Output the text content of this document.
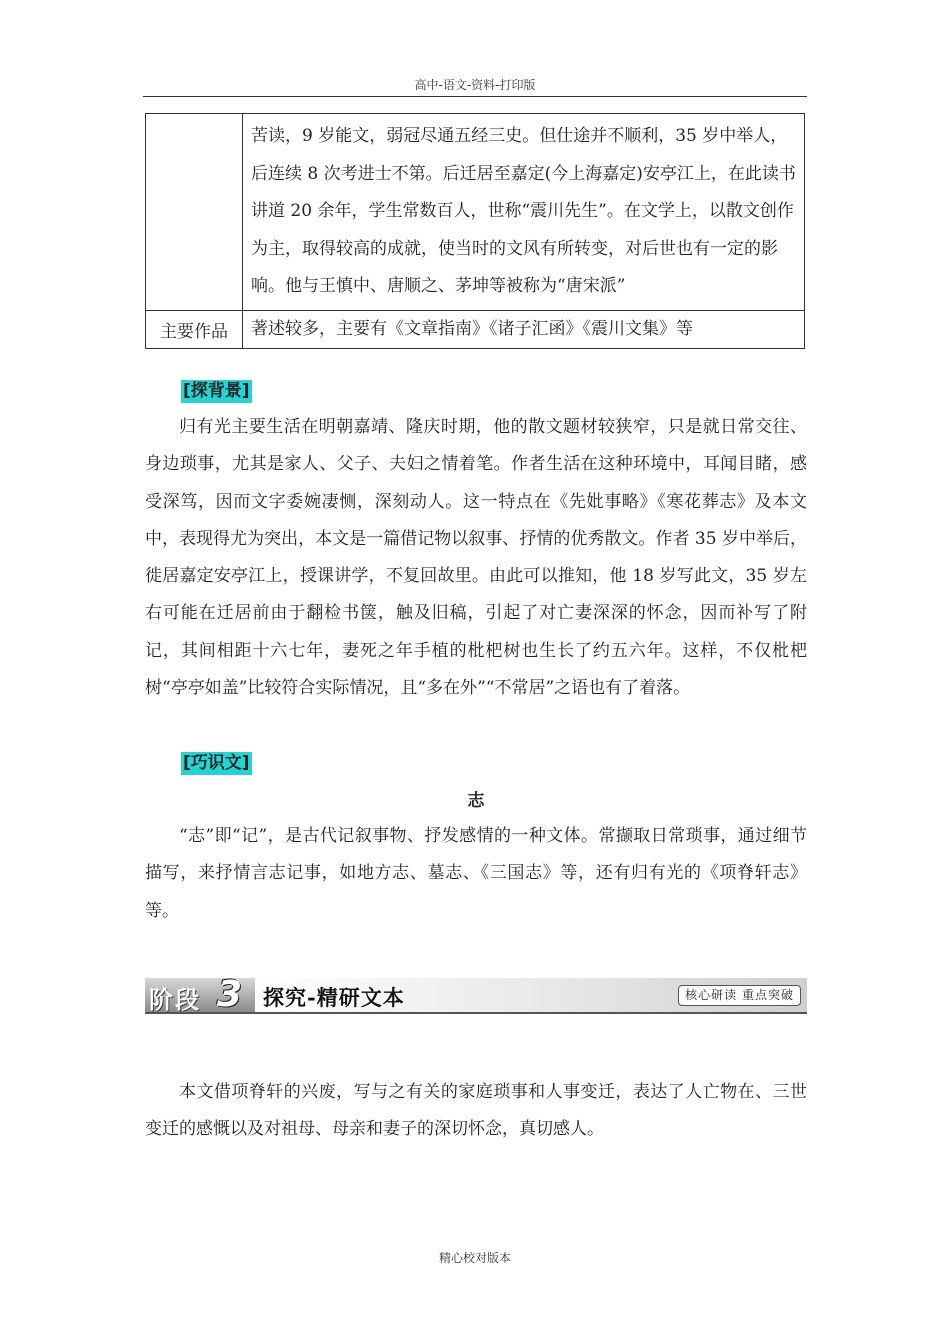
高中-语文-资料-打印版
	苦读，9 岁能文，弱冠尽通五经三史。但仕途并不顺利，35 岁中举人，后连续 8 次考进士不第。后迁居至嘉定(今上海嘉定)安亭江上，在此读书讲道 20 余年，学生常数百人，世称“震川先生”。在文学上，以散文创作为主，取得较高的成就，使当时的文风有所转变，对后世也有一定的影响。他与王慎中、唐顺之、茅坤等被称为“唐宋派”
主要作品	著述较多，主要有《文章指南》《诸子汇函》《震川文集》等
[探背景]

归有光主要生活在明朝嘉靖、隆庆时期，他的散文题材较狭窄，只是就日常交往、身边琐事，尤其是家人、父子、夫妇之情着笔。作者生活在这种环境中，耳闻目睹，感受深笃，因而文字委婉凄恻，深刻动人。这一特点在《先妣事略》《寒花葬志》及本文中，表现得尤为突出，本文是一篇借记物以叙事、抒情的优秀散文。作者 35 岁中举后，徙居嘉定安亭江上，授课讲学，不复回故里。由此可以推知，他 18 岁写此文，35 岁左右可能在迁居前由于翻检书箧，触及旧稿，引起了对亡妻深深的怀念，因而补写了附记，其间相距十六七年，妻死之年手植的枇杷树也生长了约五六年。这样，不仅枇杷树“亭亭如盖”比较符合实际情况，且“多在外”“不常居”之语也有了着落。

[巧识文]
志

“志”即“记”，是古代记叙事物、抒发感情的一种文体。常撷取日常琐事，通过细节描写，来抒情言志记事，如地方志、墓志、《三国志》等，还有归有光的《项脊轩志》等。

阶段 3 探究-精研文本	核心研读 重点突破

本文借项脊轩的兴废，写与之有关的家庭琐事和人事变迁，表达了人亡物在、三世变迁的感慨以及对祖母、母亲和妻子的深切怀念，真切感人。

精心校对版本
